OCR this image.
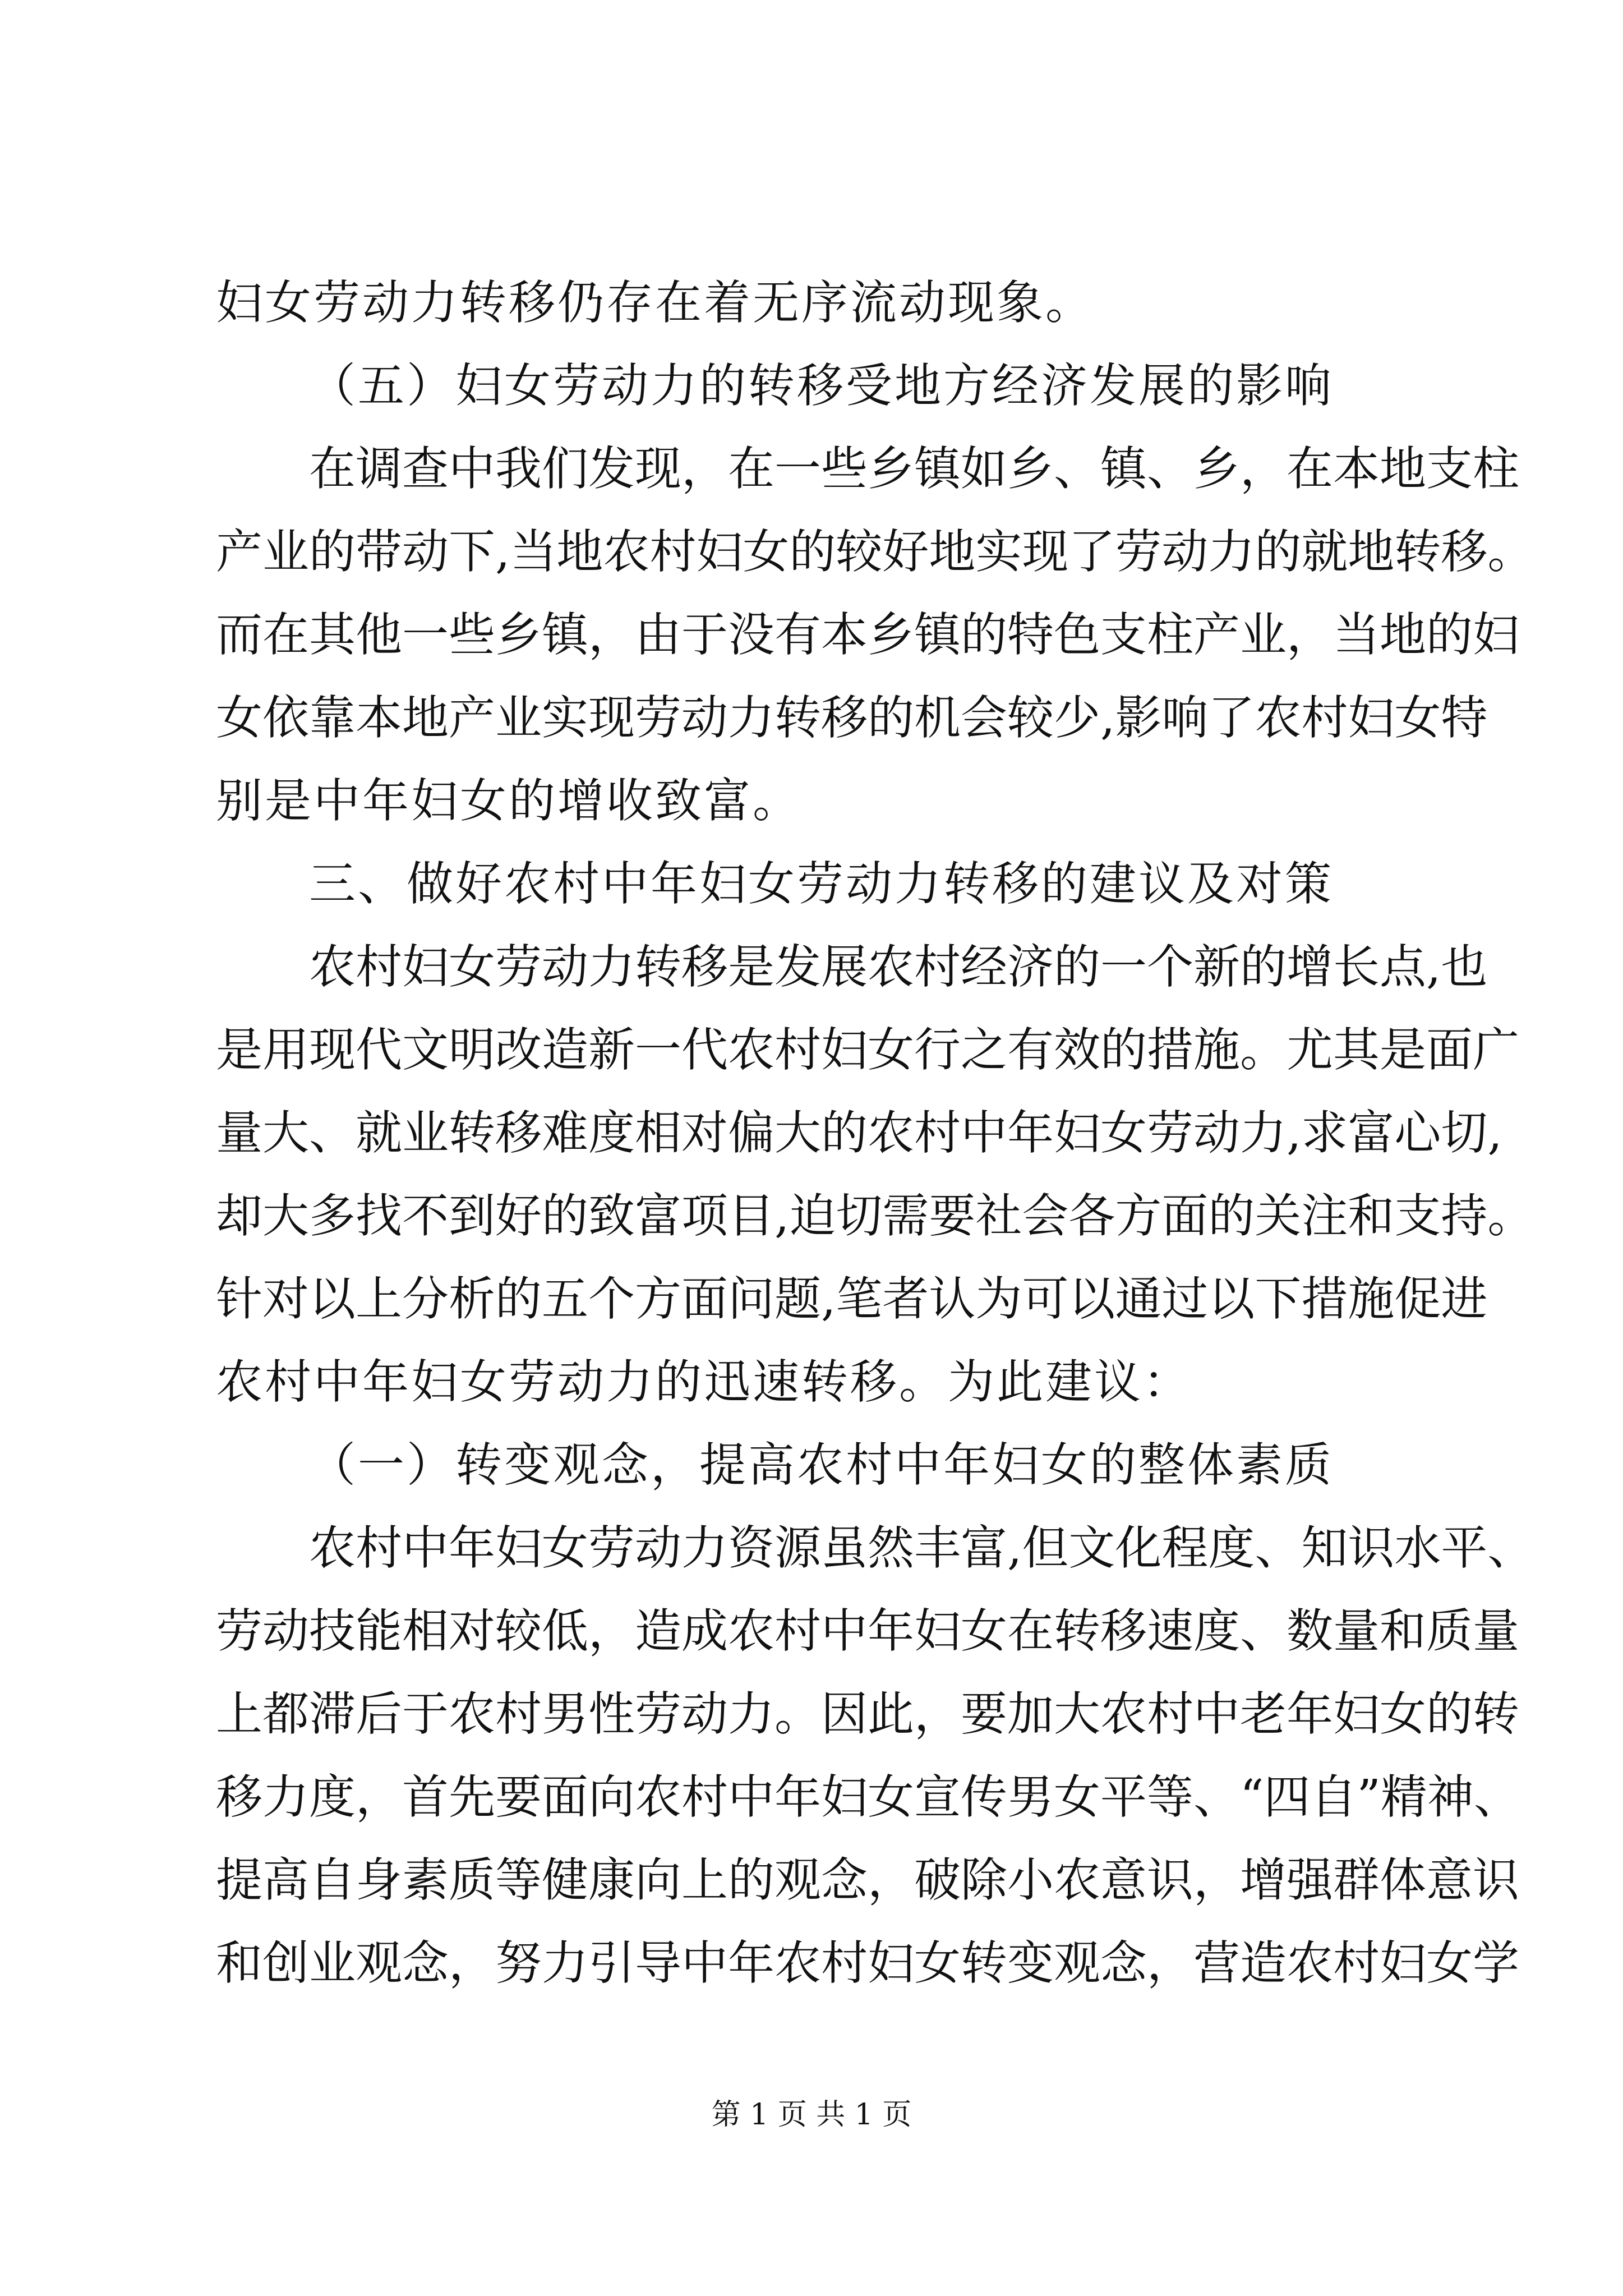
妇女劳动力转移仍存在着无序流动现象。
（五）妇女劳动力的转移受地方经济发展的影响
在 调 查 中 我 们 发 现 ， 在 一 些 乡 镇 如 乡 、 镇 、 乡 ， 在 本 地 支 柱
产 业 的 带 动 下 , 当 地 农 村 妇 女 的 较 好 地 实 现 了 劳 动 力 的 就 地 转 移 。
而 在 其 他 一 些 乡 镇 ， 由 于 没 有 本 乡 镇 的 特 色 支 柱 产 业 ， 当 地 的 妇
女 依 靠 本 地 产 业 实 现 劳 动 力 转 移 的 机 会 较 少 , 影 响 了 农 村 妇 女 特
别是中年妇女的增收致富。
三、做好农村中年妇女劳动力转移的建议及对策
农 村 妇 女 劳 动 力 转 移 是 发 展 农 村 经 济 的 一 个 新 的 增 长 点 , 也
是 用 现 代 文 明 改 造 新 一 代 农 村 妇 女 行 之 有 效 的 措 施 。 尤 其 是 面 广
量 大 、 就 业 转 移 难 度 相 对 偏 大 的 农 村 中 年 妇 女 劳 动 力 , 求 富 心 切 ,
却 大 多 找 不 到 好 的 致 富 项 目 , 迫 切 需 要 社 会 各 方 面 的 关 注 和 支 持 。
针 对 以 上 分 析 的 五 个 方 面 问 题 , 笔 者 认 为 可 以 通 过 以 下 措 施 促 进
农村中年妇女劳动力的迅速转移。为此建议：
（一）转变观念，提高农村中年妇女的整体素质
农 村 中 年 妇 女 劳 动 力 资 源 虽 然 丰 富 , 但 文 化 程 度 、 知 识 水 平 、
劳 动 技 能 相 对 较 低 ， 造 成 农 村 中 年 妇 女 在 转 移 速 度 、 数 量 和 质 量
上 都 滞 后 于 农 村 男 性 劳 动 力 。 因 此 ， 要 加 大 农 村 中 老 年 妇 女 的 转
移 力 度 ， 首 先 要 面 向 农 村 中 年 妇 女 宣 传 男 女 平 等 、 “ 四 自 ” 精 神 、
提 高 自 身 素 质 等 健 康 向 上 的 观 念 ， 破 除 小 农 意 识 ， 增 强 群 体 意 识
和 创 业 观 念 ， 努 力 引 导 中 年 农 村 妇 女 转 变 观 念 ， 营 造 农 村 妇 女 学
第 1 页 共 1 页
